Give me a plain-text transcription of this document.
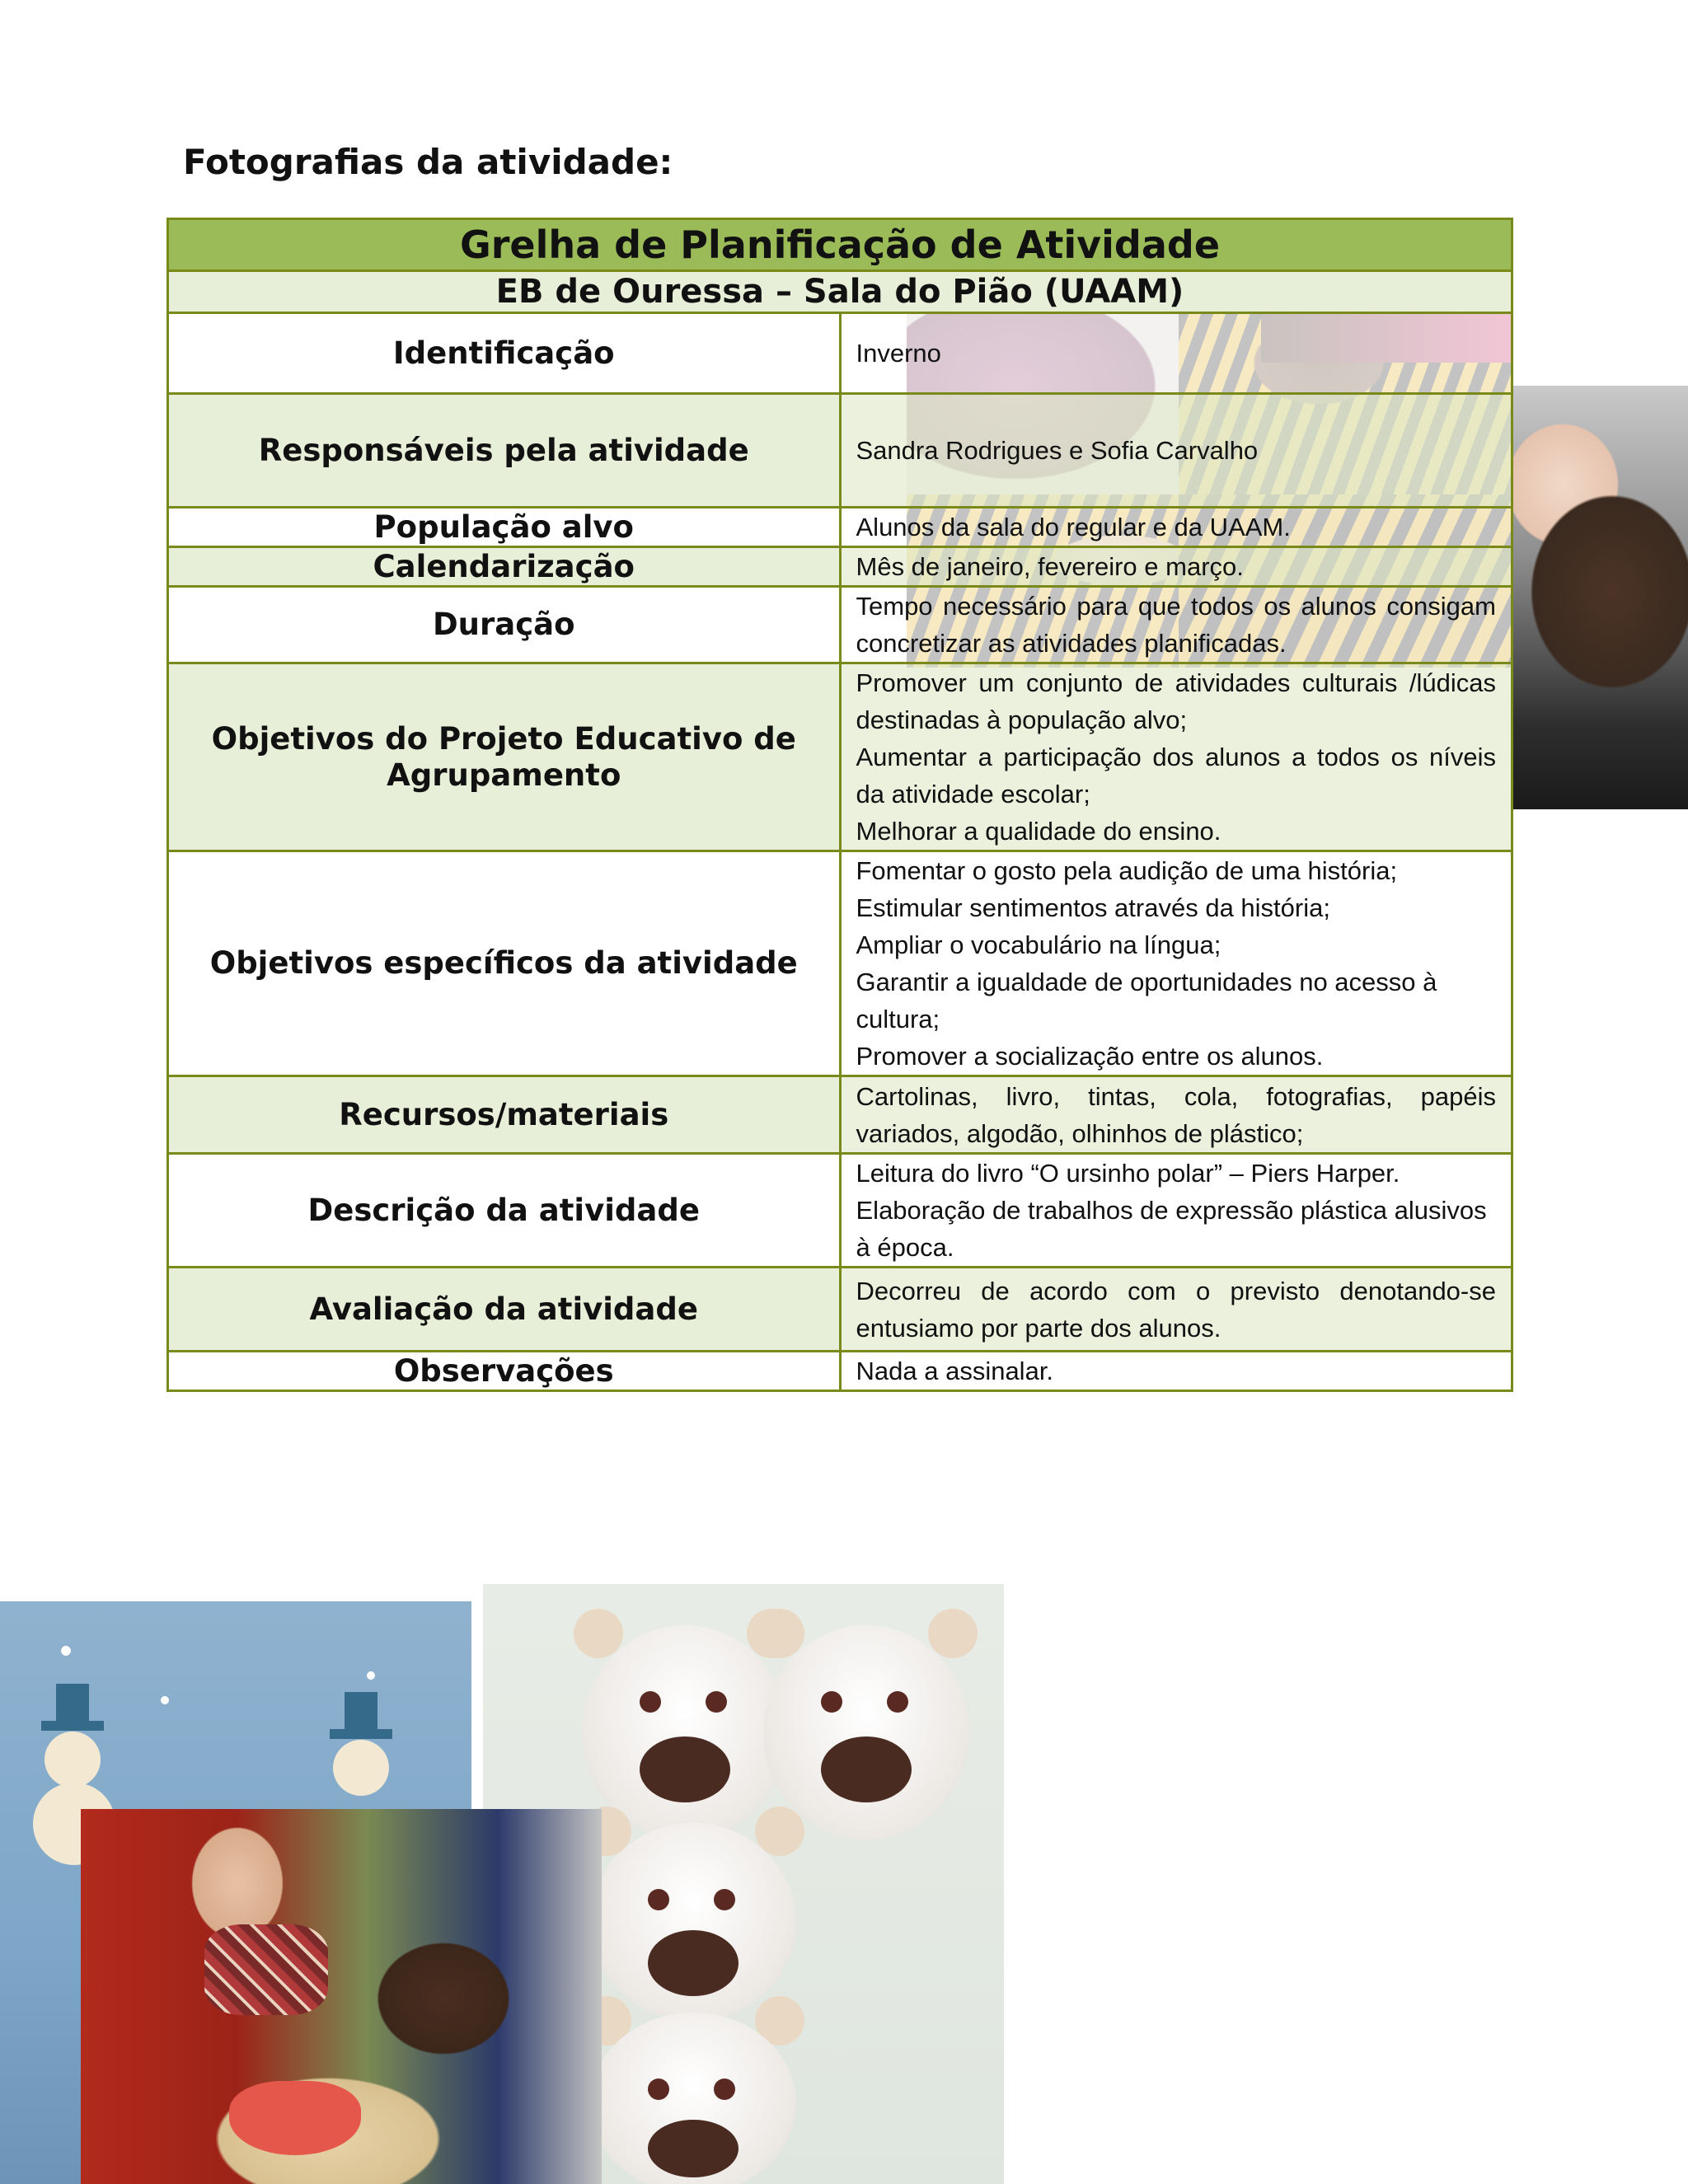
Fotografias da atividade:
Grelha de Planificação de Atividade	
EB de Ouressa – Sala do Pião (UAAM)	
Identificação	Inverno

Responsáveis pela atividade	Sandra Rodrigues e Sofia Carvalho

População alvo	Alunos da sala do regular e da UAAM.

Calendarização	Mês de janeiro, fevereiro e março.

Duração	Tempo necessário para que todos os alunos consigam concretizar as atividades planificadas.
Objetivos do Projeto Educativo de Agrupamento	Promover um conjunto de atividades culturais /lúdicas destinadas à população alvo;
Aumentar a participação dos alunos a todos os níveis da atividade escolar;
Melhorar a qualidade do ensino.

Objetivos específicos da atividade	Fomentar o gosto pela audição de uma história;
Estimular sentimentos através da história;
Ampliar o vocabulário na língua;
Garantir a igualdade de oportunidades no acesso à cultura;
Promover a socialização entre os alunos.

Recursos/materiais	Cartolinas, livro, tintas, cola, fotografias, papéis variados, algodão, olhinhos de plástico;
Descrição da atividade	Leitura do livro “O ursinho polar” – Piers Harper.
Elaboração de trabalhos de expressão plástica alusivos à época.

Avaliação da atividade	Decorreu de acordo com o previsto denotando-se entusiamo por parte dos alunos.
Observações	Nada a assinalar.
